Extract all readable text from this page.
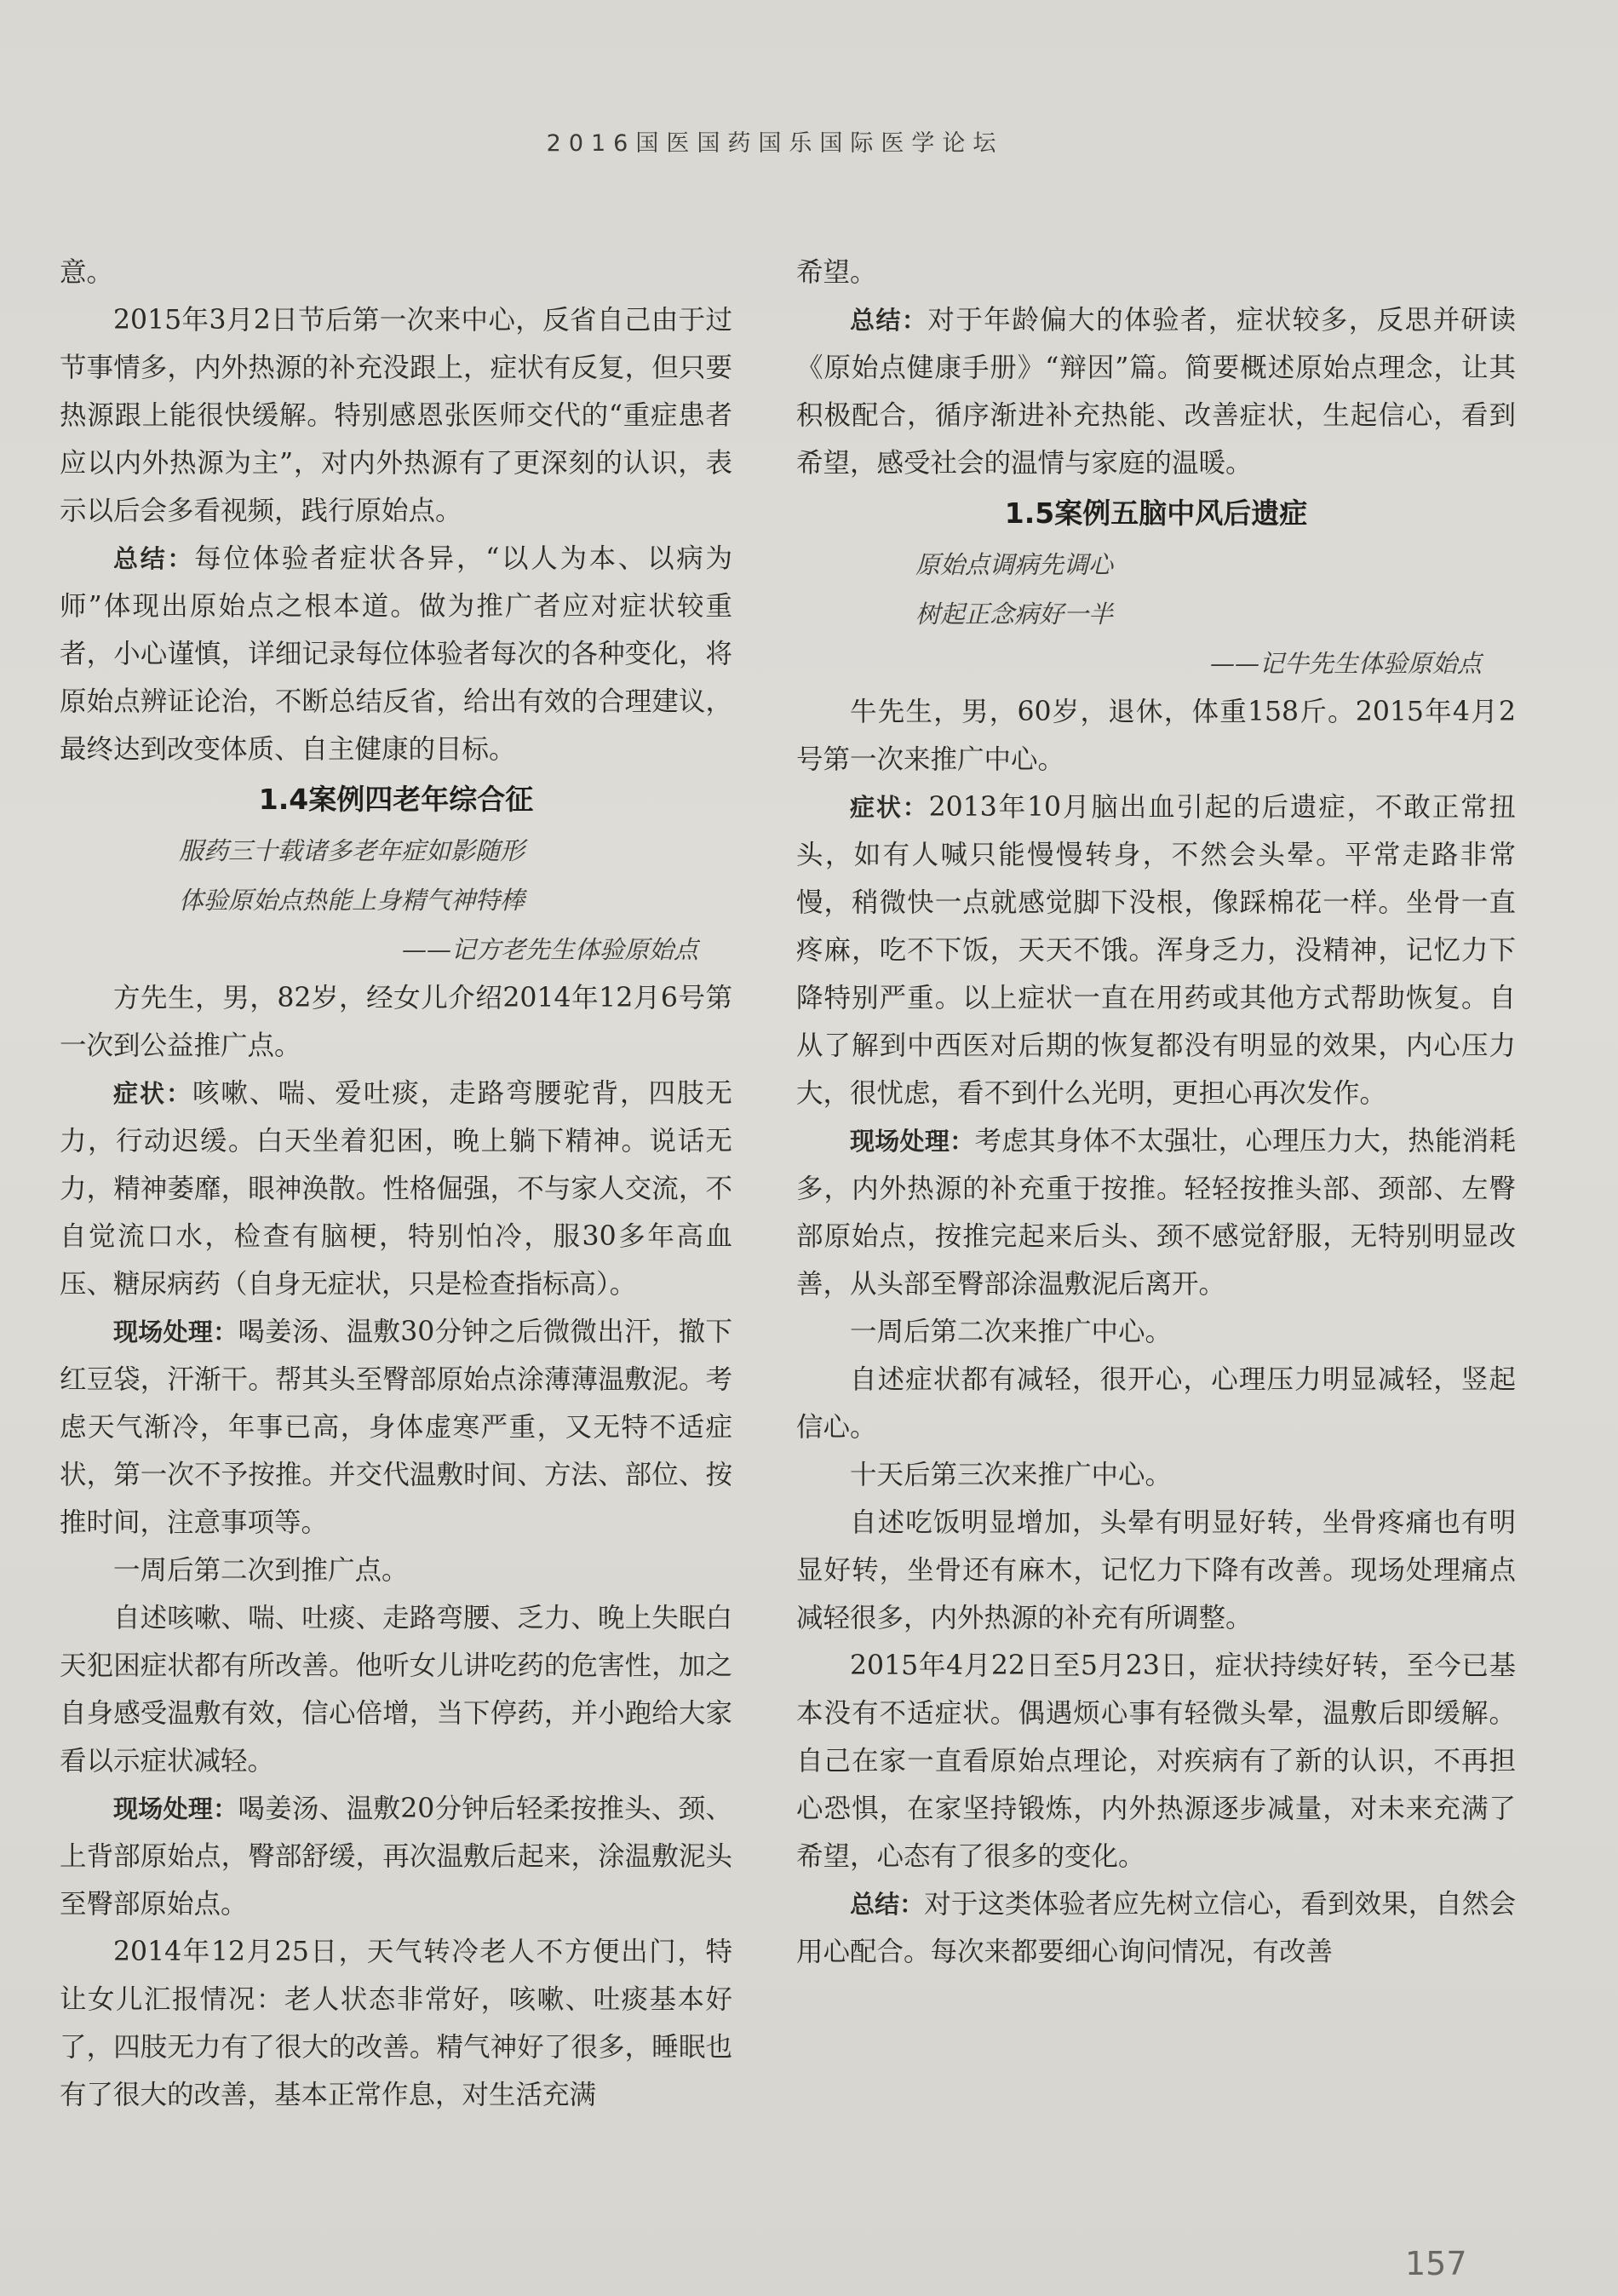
2016国医国药国乐国际医学论坛

意。

2015年3月2日节后第一次来中心，反省自己由于过节事情多，内外热源的补充没跟上，症状有反复，但只要热源跟上能很快缓解。特别感恩张医师交代的“重症患者应以内外热源为主”，对内外热源有了更深刻的认识，表示以后会多看视频，践行原始点。

总结：每位体验者症状各异，“以人为本、以病为师”体现出原始点之根本道。做为推广者应对症状较重者，小心谨慎，详细记录每位体验者每次的各种变化，将原始点辨证论治，不断总结反省，给出有效的合理建议，最终达到改变体质、自主健康的目标。

1.4案例四老年综合征
服药三十载诸多老年症如影随形
体验原始点热能上身精气神特棒
——记方老先生体验原始点

方先生，男，82岁，经女儿介绍2014年12月6号第一次到公益推广点。

症状：咳嗽、喘、爱吐痰，走路弯腰驼背，四肢无力，行动迟缓。白天坐着犯困，晚上躺下精神。说话无力，精神萎靡，眼神涣散。性格倔强，不与家人交流，不自觉流口水，检查有脑梗，特别怕冷，服30多年高血压、糖尿病药（自身无症状，只是检查指标高）。

现场处理：喝姜汤、温敷30分钟之后微微出汗，撤下红豆袋，汗渐干。帮其头至臀部原始点涂薄薄温敷泥。考虑天气渐冷，年事已高，身体虚寒严重，又无特不适症状，第一次不予按推。并交代温敷时间、方法、部位、按推时间，注意事项等。

一周后第二次到推广点。

自述咳嗽、喘、吐痰、走路弯腰、乏力、晚上失眠白天犯困症状都有所改善。他听女儿讲吃药的危害性，加之自身感受温敷有效，信心倍增，当下停药，并小跑给大家看以示症状减轻。

现场处理：喝姜汤、温敷20分钟后轻柔按推头、颈、上背部原始点，臀部舒缓，再次温敷后起来，涂温敷泥头至臀部原始点。

2014年12月25日，天气转冷老人不方便出门，特让女儿汇报情况：老人状态非常好，咳嗽、吐痰基本好了，四肢无力有了很大的改善。精气神好了很多，睡眠也有了很大的改善，基本正常作息，对生活充满

希望。

总结：对于年龄偏大的体验者，症状较多，反思并研读《原始点健康手册》“辩因”篇。简要概述原始点理念，让其积极配合，循序渐进补充热能、改善症状，生起信心，看到希望，感受社会的温情与家庭的温暖。

1.5案例五脑中风后遗症
原始点调病先调心
树起正念病好一半
——记牛先生体验原始点

牛先生，男，60岁，退休，体重158斤。2015年4月2号第一次来推广中心。

症状：2013年10月脑出血引起的后遗症，不敢正常扭头，如有人喊只能慢慢转身，不然会头晕。平常走路非常慢，稍微快一点就感觉脚下没根，像踩棉花一样。坐骨一直疼麻，吃不下饭，天天不饿。浑身乏力，没精神，记忆力下降特别严重。以上症状一直在用药或其他方式帮助恢复。自从了解到中西医对后期的恢复都没有明显的效果，内心压力大，很忧虑，看不到什么光明，更担心再次发作。

现场处理：考虑其身体不太强壮，心理压力大，热能消耗多，内外热源的补充重于按推。轻轻按推头部、颈部、左臀部原始点，按推完起来后头、颈不感觉舒服，无特别明显改善，从头部至臀部涂温敷泥后离开。

一周后第二次来推广中心。

自述症状都有减轻，很开心，心理压力明显减轻，竖起信心。

十天后第三次来推广中心。

自述吃饭明显增加，头晕有明显好转，坐骨疼痛也有明显好转，坐骨还有麻木，记忆力下降有改善。现场处理痛点减轻很多，内外热源的补充有所调整。

2015年4月22日至5月23日，症状持续好转，至今已基本没有不适症状。偶遇烦心事有轻微头晕，温敷后即缓解。自己在家一直看原始点理论，对疾病有了新的认识，不再担心恐惧，在家坚持锻炼，内外热源逐步减量，对未来充满了希望，心态有了很多的变化。

总结：对于这类体验者应先树立信心，看到效果，自然会用心配合。每次来都要细心询问情况，有改善

157
